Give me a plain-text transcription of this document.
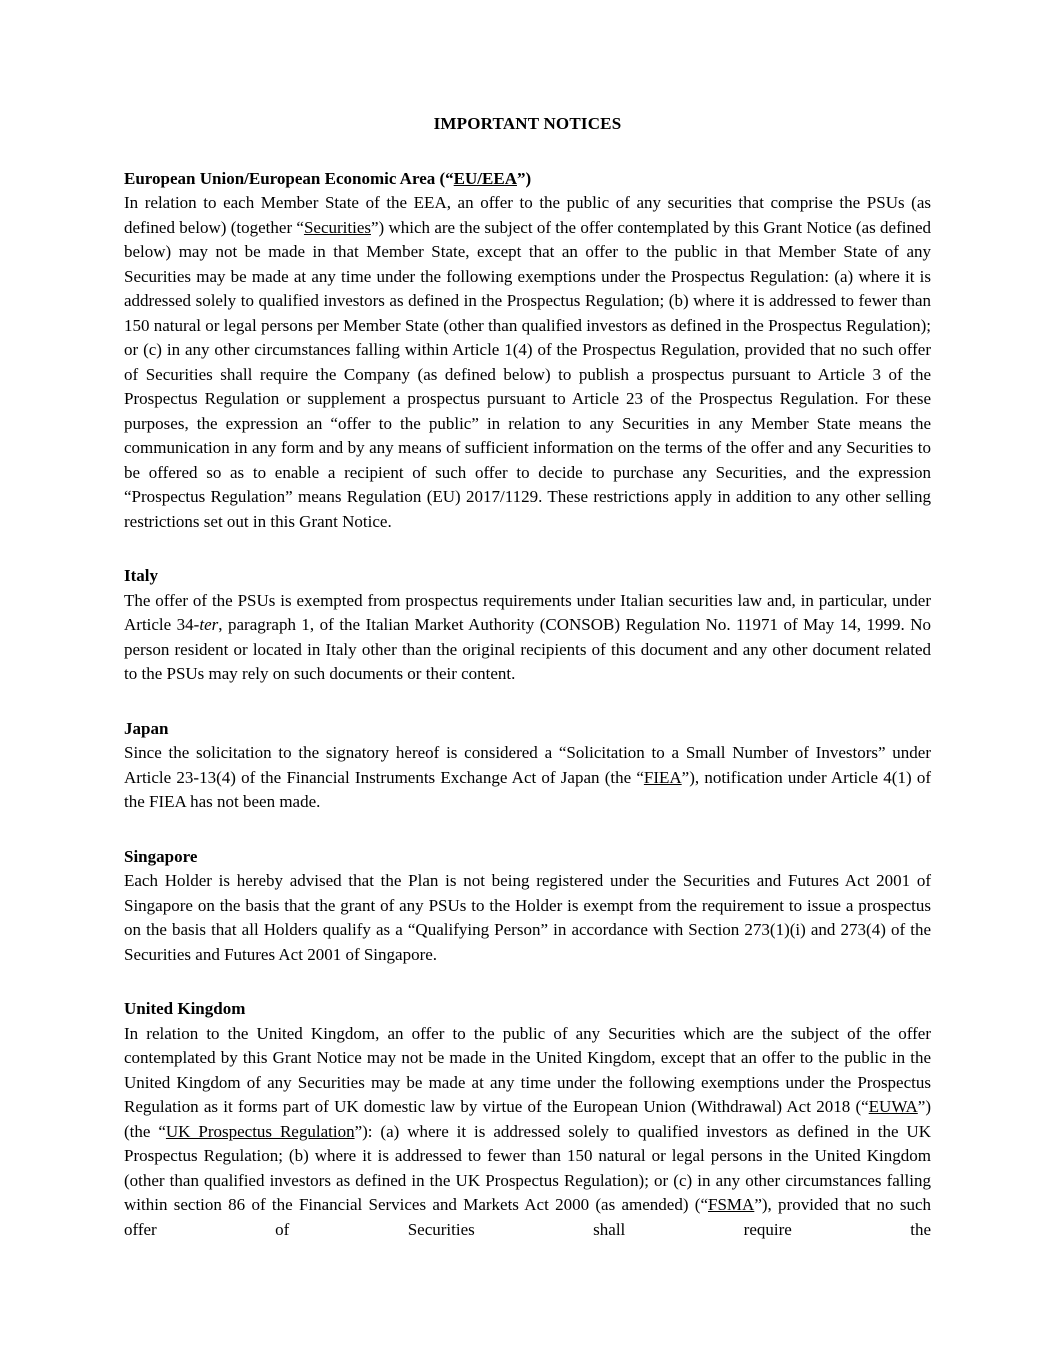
IMPORTANT NOTICES
European Union/European Economic Area (“EU/EEA”)

In relation to each Member State of the EEA, an offer to the public of any securities that comprise the PSUs (as defined below) (together “Securities”) which are the subject of the offer contemplated by this Grant Notice (as defined below) may not be made in that Member State, except that an offer to the public in that Member State of any Securities may be made at any time under the following exemptions under the Prospectus Regulation: (a) where it is addressed solely to qualified investors as defined in the Prospectus Regulation; (b) where it is addressed to fewer than 150 natural or legal persons per Member State (other than qualified investors as defined in the Prospectus Regulation); or (c) in any other circumstances falling within Article 1(4) of the Prospectus Regulation, provided that no such offer of Securities shall require the Company (as defined below) to publish a prospectus pursuant to Article 3 of the Prospectus Regulation or supplement a prospectus pursuant to Article 23 of the Prospectus Regulation. For these purposes, the expression an “offer to the public” in relation to any Securities in any Member State means the communication in any form and by any means of sufficient information on the terms of the offer and any Securities to be offered so as to enable a recipient of such offer to decide to purchase any Securities, and the expression “Prospectus Regulation” means Regulation (EU) 2017/1129. These restrictions apply in addition to any other selling restrictions set out in this Grant Notice.

Italy

The offer of the PSUs is exempted from prospectus requirements under Italian securities law and, in particular, under Article 34-ter, paragraph 1, of the Italian Market Authority (CONSOB) Regulation No. 11971 of May 14, 1999. No person resident or located in Italy other than the original recipients of this document and any other document related to the PSUs may rely on such documents or their content.

Japan

Since the solicitation to the signatory hereof is considered a “Solicitation to a Small Number of Investors” under Article 23-13(4) of the Financial Instruments Exchange Act of Japan (the “FIEA”), notification under Article 4(1) of the FIEA has not been made.

Singapore

Each Holder is hereby advised that the Plan is not being registered under the Securities and Futures Act 2001 of Singapore on the basis that the grant of any PSUs to the Holder is exempt from the requirement to issue a prospectus on the basis that all Holders qualify as a “Qualifying Person” in accordance with Section 273(1)(i) and 273(4) of the Securities and Futures Act 2001 of Singapore.

United Kingdom

In relation to the United Kingdom, an offer to the public of any Securities which are the subject of the offer contemplated by this Grant Notice may not be made in the United Kingdom, except that an offer to the public in the United Kingdom of any Securities may be made at any time under the following exemptions under the Prospectus Regulation as it forms part of UK domestic law by virtue of the European Union (Withdrawal) Act 2018 (“EUWA”) (the “UK Prospectus Regulation”): (a) where it is addressed solely to qualified investors as defined in the UK Prospectus Regulation; (b) where it is addressed to fewer than 150 natural or legal persons in the United Kingdom (other than qualified investors as defined in the UK Prospectus Regulation); or (c) in any other circumstances falling within section 86 of the Financial Services and Markets Act 2000 (as amended) (“FSMA”), provided that no such offer of Securities shall require the
